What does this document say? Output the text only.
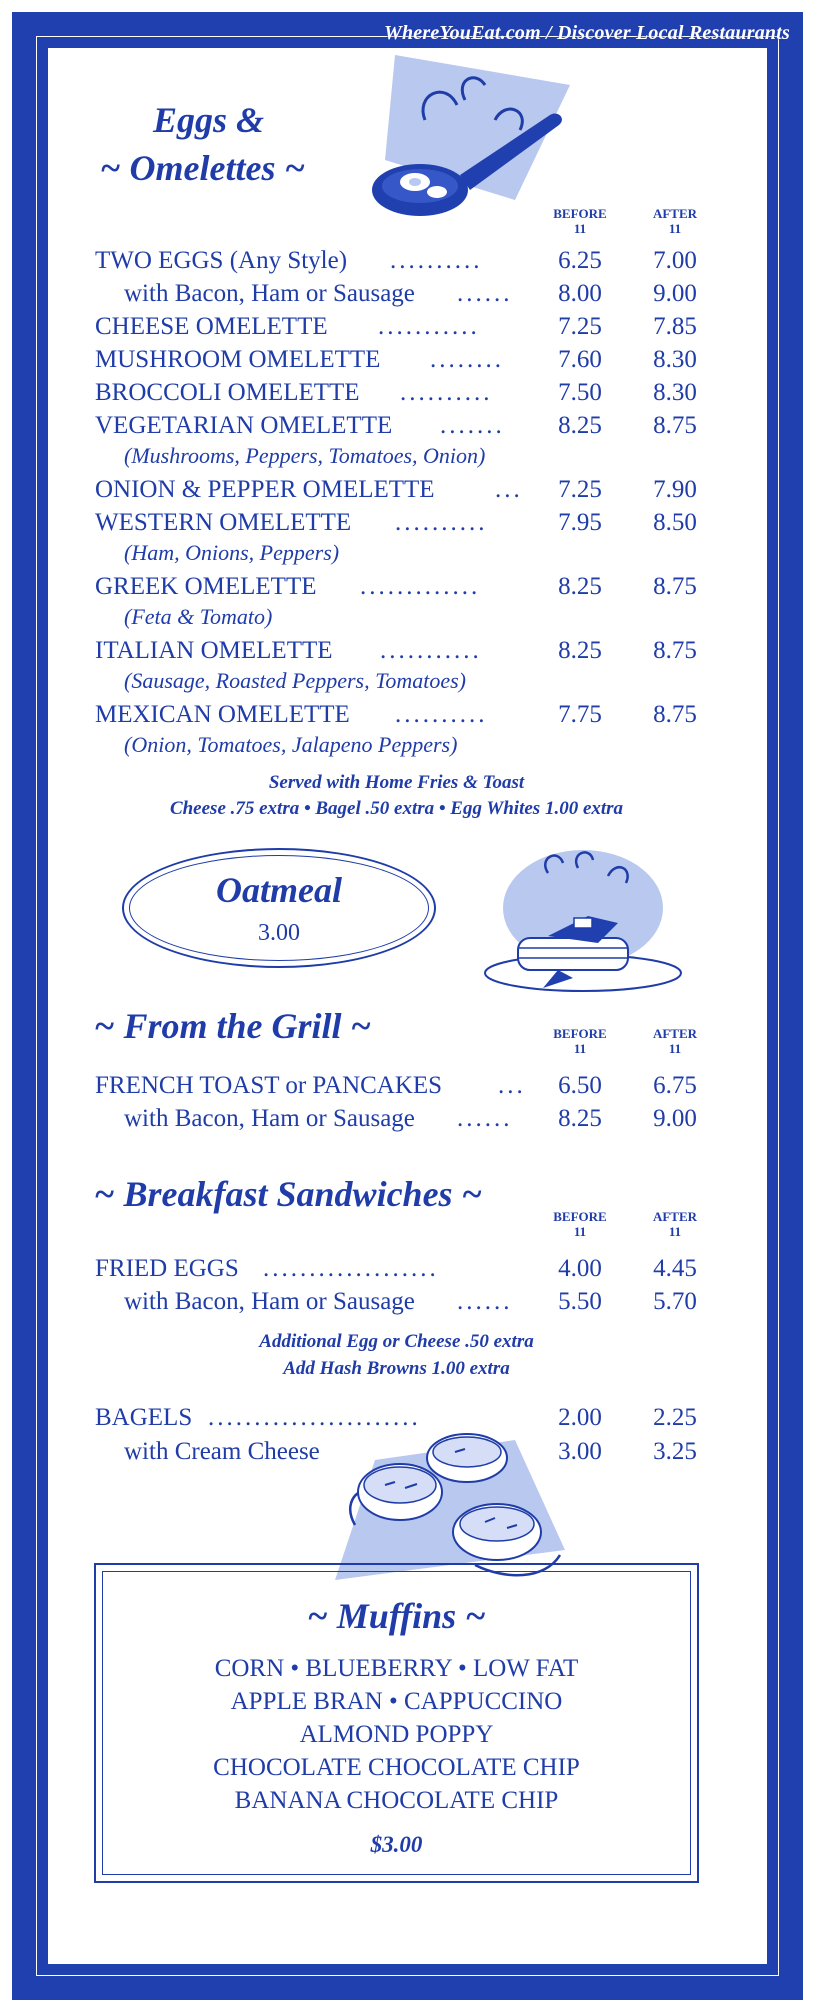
WhereYouEat.com / Discover Local Restaurants
Eggs &
~ Omelettes ~
BEFORE
11
AFTER
11
TWO EGGS (Any Style) ..........	6.25	7.00
with Bacon, Ham or Sausage ......	8.00	9.00
CHEESE OMELETTE ...........	7.25	7.85
MUSHROOM OMELETTE ........	7.60	8.30
BROCCOLI OMELETTE ..........	7.50	8.30
VEGETARIAN OMELETTE .......	8.25	8.75
(Mushrooms, Peppers, Tomatoes, Onion)
ONION & PEPPER OMELETTE ...	7.25	7.90
WESTERN OMELETTE ..........	7.95	8.50
(Ham, Onions, Peppers)
GREEK OMELETTE .............	8.25	8.75
(Feta & Tomato)
ITALIAN OMELETTE ...........	8.25	8.75
(Sausage, Roasted Peppers, Tomatoes)
MEXICAN OMELETTE ..........	7.75	8.75
(Onion, Tomatoes, Jalapeno Peppers)
Served with Home Fries & Toast
Cheese .75 extra • Bagel .50 extra • Egg Whites 1.00 extra
Oatmeal
3.00
~ From the Grill ~	BEFORE
11
AFTER
11
FRENCH TOAST or PANCAKES ...	6.50	6.75
with Bacon, Ham or Sausage ......	8.25	9.00
~ Breakfast Sandwiches ~
BEFORE
11
AFTER
11
FRIED EGGS ...................	4.00	4.45
with Bacon, Ham or Sausage ......	5.50	5.70
Additional Egg or Cheese .50 extra
Add Hash Browns 1.00 extra
BAGELS .......................	2.00	2.25
with Cream Cheese	3.00	3.25
~ Muffins ~
CORN • BLUEBERRY • LOW FAT
APPLE BRAN • CAPPUCCINO
ALMOND POPPY
CHOCOLATE CHOCOLATE CHIP
BANANA CHOCOLATE CHIP
$3.00
